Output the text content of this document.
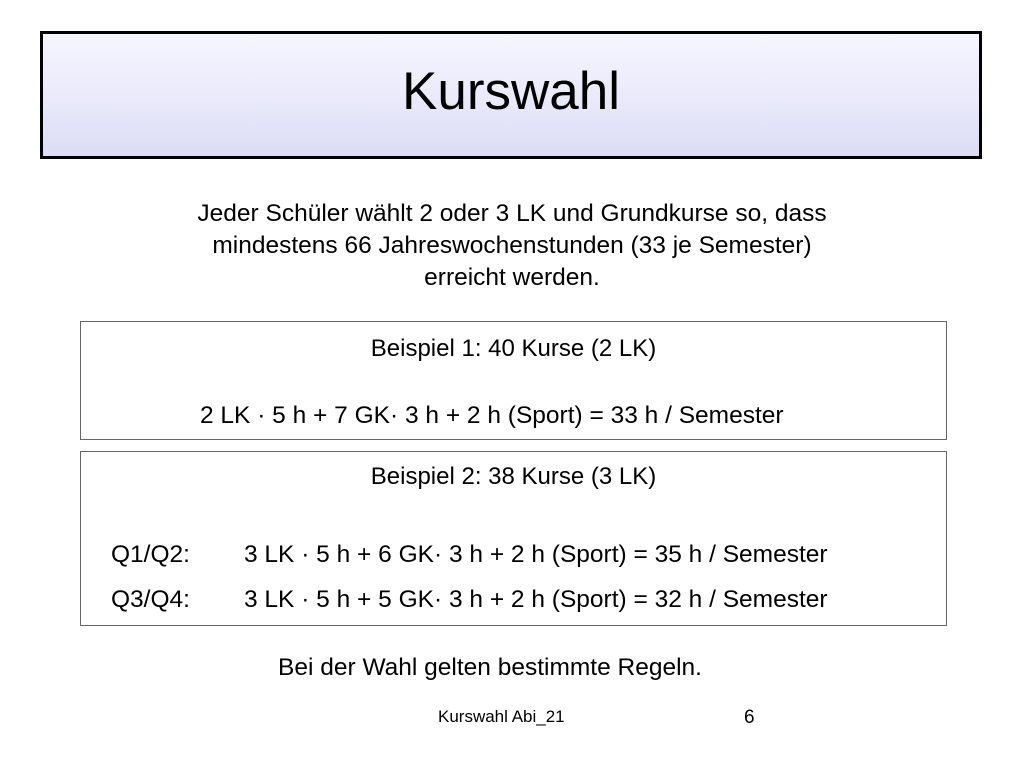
Kurswahl
Jeder Schüler wählt 2 oder 3 LK und Grundkurse so, dass
mindestens 66 Jahreswochenstunden (33 je Semester)
erreicht werden.
Beispiel 1: 40 Kurse (2 LK)
2 LK · 5 h + 7 GK· 3 h + 2 h (Sport) = 33 h / Semester
Beispiel 2: 38 Kurse (3 LK)
Q1/Q2: 3 LK · 5 h + 6 GK· 3 h + 2 h (Sport) = 35 h / Semester
Q3/Q4: 3 LK · 5 h + 5 GK· 3 h + 2 h (Sport) = 32 h / Semester
Bei der Wahl gelten bestimmte Regeln.
Kurswahl Abi_21	6
